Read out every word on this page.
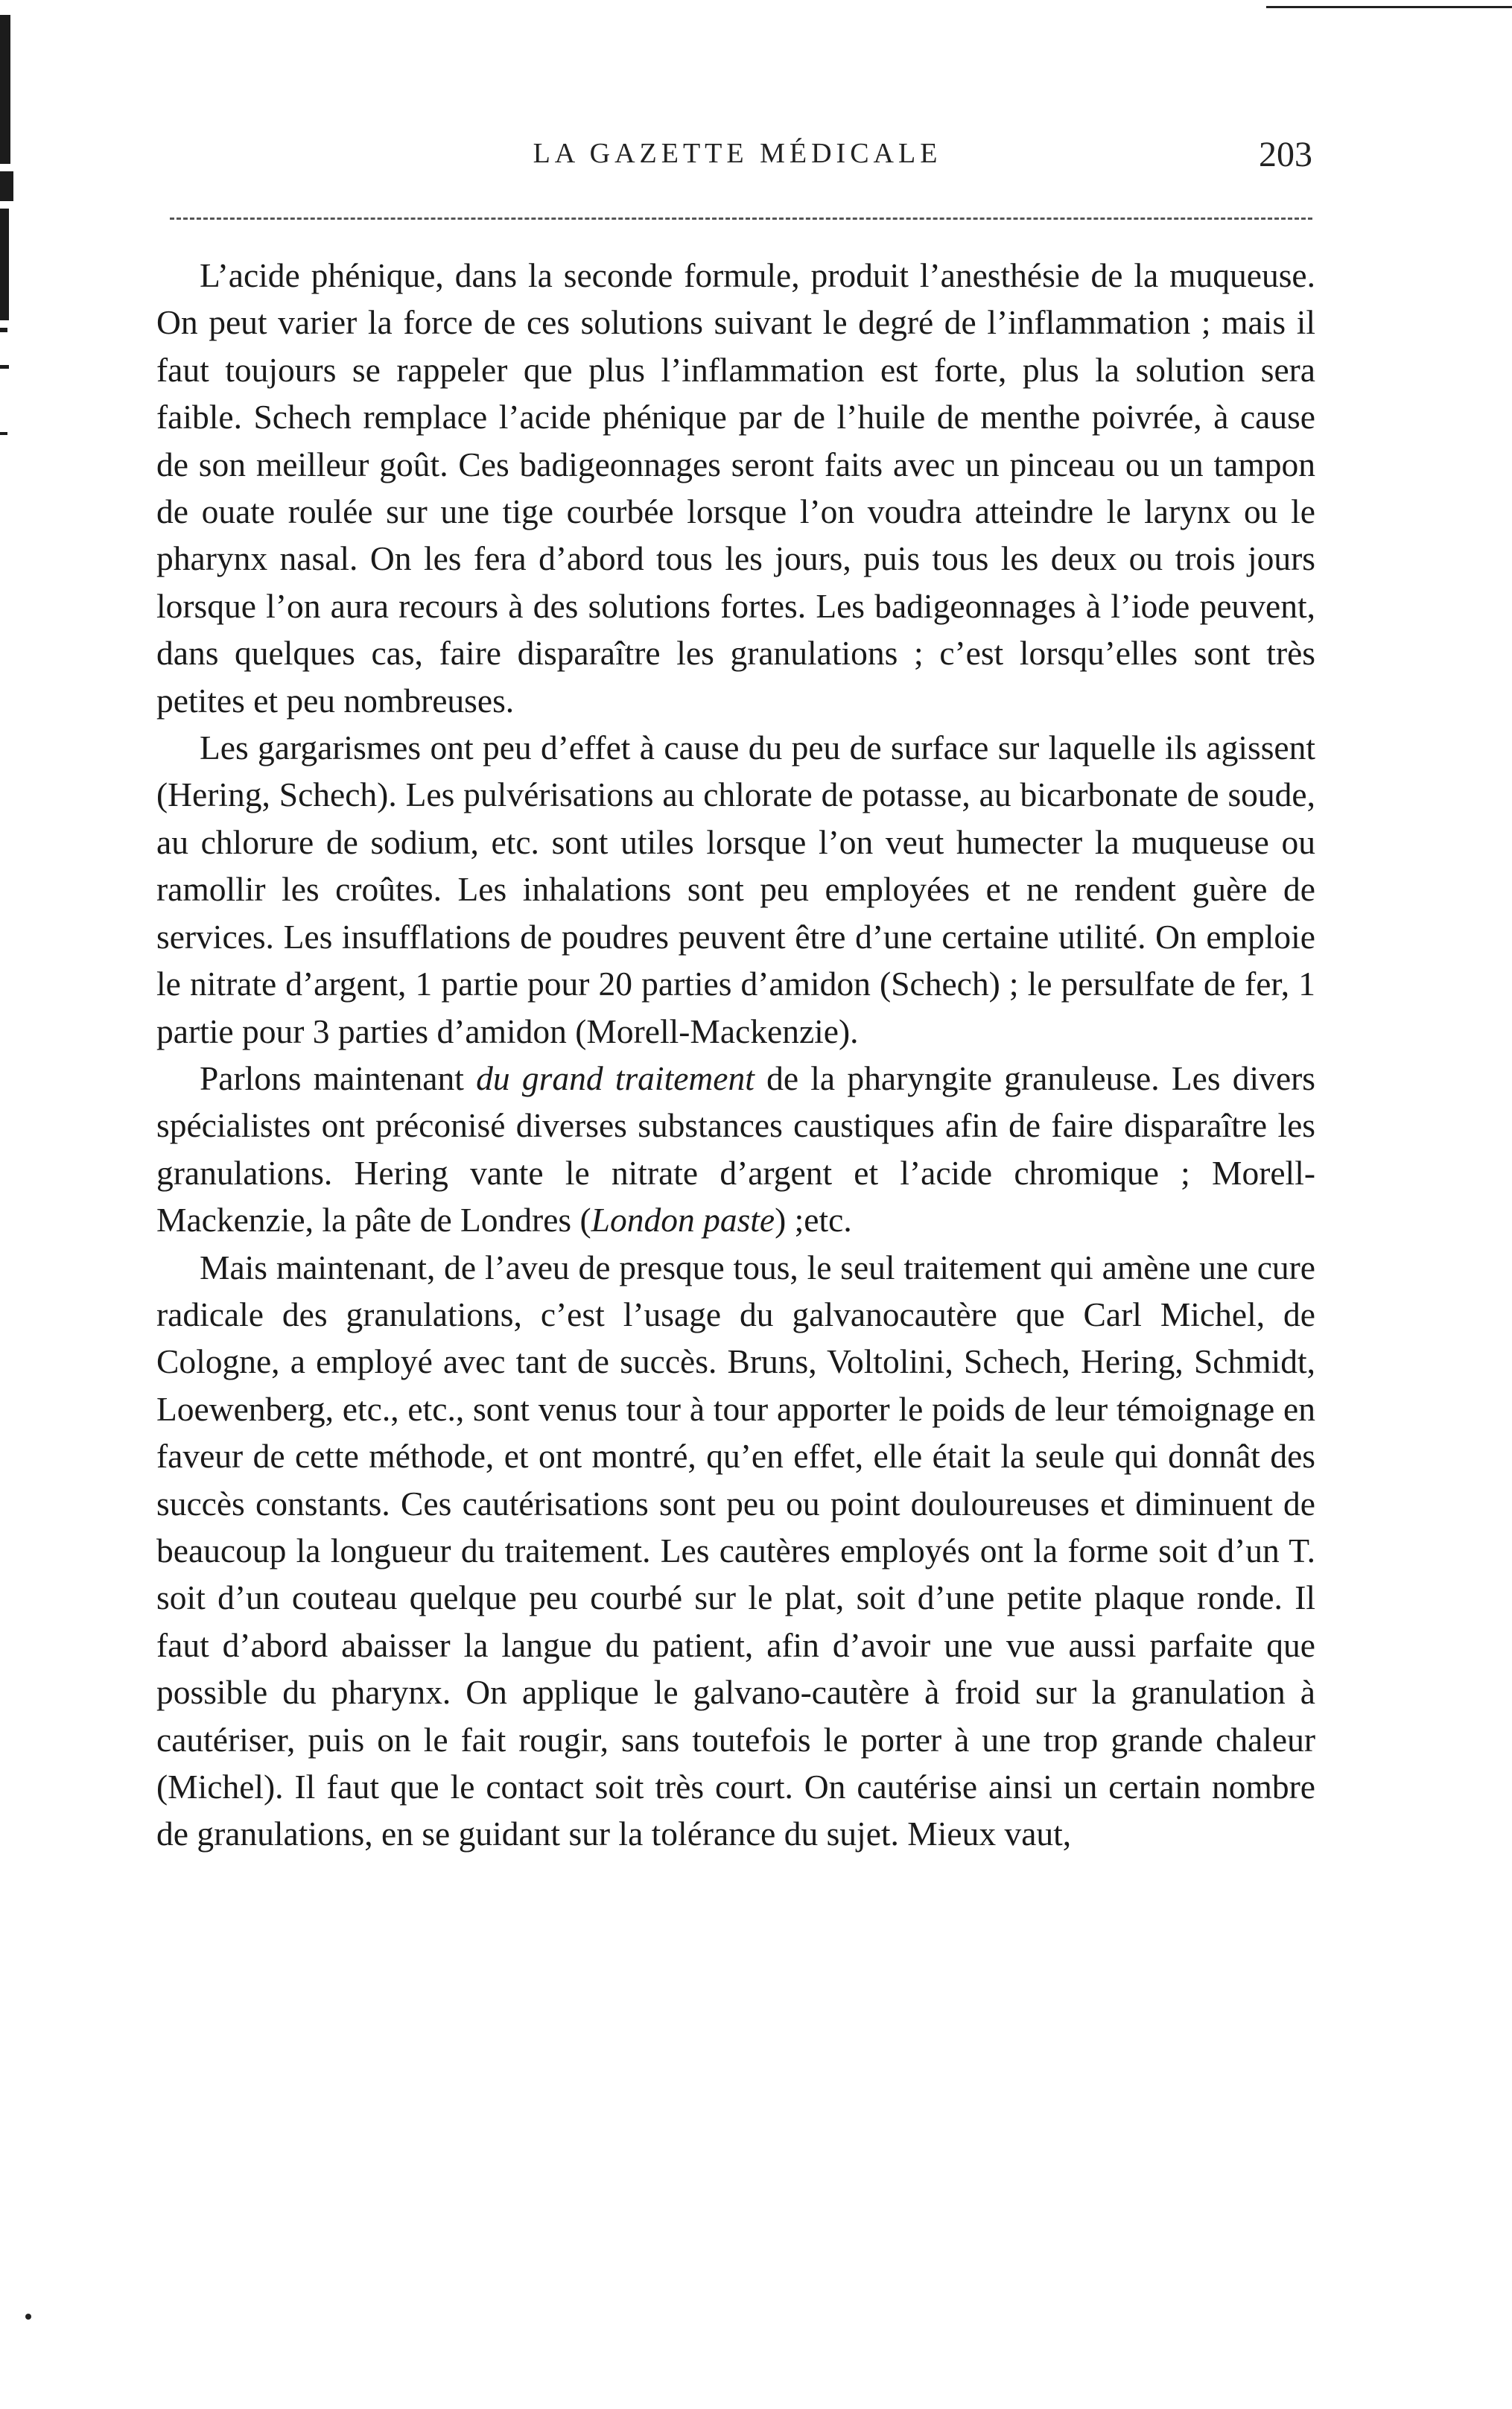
LA GAZETTE MÉDICALE	203

L’acide phénique, dans la seconde formule, produit l’anesthésie de la muqueuse. On peut varier la force de ces solutions suivant le degré de l’inflammation ; mais il faut toujours se rappeler que plus l’inflammation est forte, plus la solution sera faible. Schech remplace l’acide phénique par de l’huile de menthe poivrée, à cause de son meilleur goût. Ces badigeonnages seront faits avec un pinceau ou un tampon de ouate roulée sur une tige courbée lorsque l’on voudra atteindre le larynx ou le pharynx nasal. On les fera d’abord tous les jours, puis tous les deux ou trois jours lorsque l’on aura recours à des solutions fortes. Les badigeonnages à l’iode peuvent, dans quelques cas, faire disparaître les granulations ; c’est lorsqu’elles sont très petites et peu nombreuses.

Les gargarismes ont peu d’effet à cause du peu de surface sur laquelle ils agissent (Hering, Schech). Les pulvérisations au chlorate de potasse, au bicarbonate de soude, au chlorure de sodium, etc. sont utiles lorsque l’on veut humecter la muqueuse ou ramollir les croûtes. Les inhalations sont peu employées et ne rendent guère de services. Les insufflations de poudres peuvent être d’une certaine utilité. On emploie le nitrate d’argent, 1 partie pour 20 parties d’amidon (Schech) ; le persulfate de fer, 1 partie pour 3 parties d’amidon (Morell-Mackenzie).

Parlons maintenant du grand traitement de la pharyngite granuleuse. Les divers spécialistes ont préconisé diverses substances caustiques afin de faire disparaître les granulations. Hering vante le nitrate d’argent et l’acide chromique ; Morell-Mackenzie, la pâte de Londres (London paste) ;etc.

Mais maintenant, de l’aveu de presque tous, le seul traitement qui amène une cure radicale des granulations, c’est l’usage du galvanocautère que Carl Michel, de Cologne, a employé avec tant de succès. Bruns, Voltolini, Schech, Hering, Schmidt, Loewenberg, etc., etc., sont venus tour à tour apporter le poids de leur témoignage en faveur de cette méthode, et ont montré, qu’en effet, elle était la seule qui donnât des succès constants. Ces cautérisations sont peu ou point douloureuses et diminuent de beaucoup la longueur du traitement. Les cautères employés ont la forme soit d’un T. soit d’un couteau quelque peu courbé sur le plat, soit d’une petite plaque ronde. Il faut d’abord abaisser la langue du patient, afin d’avoir une vue aussi parfaite que possible du pharynx. On applique le galvano-cautère à froid sur la granulation à cautériser, puis on le fait rougir, sans toutefois le porter à une trop grande chaleur (Michel). Il faut que le contact soit très court. On cautérise ainsi un certain nombre de granulations, en se guidant sur la tolérance du sujet. Mieux vaut,
